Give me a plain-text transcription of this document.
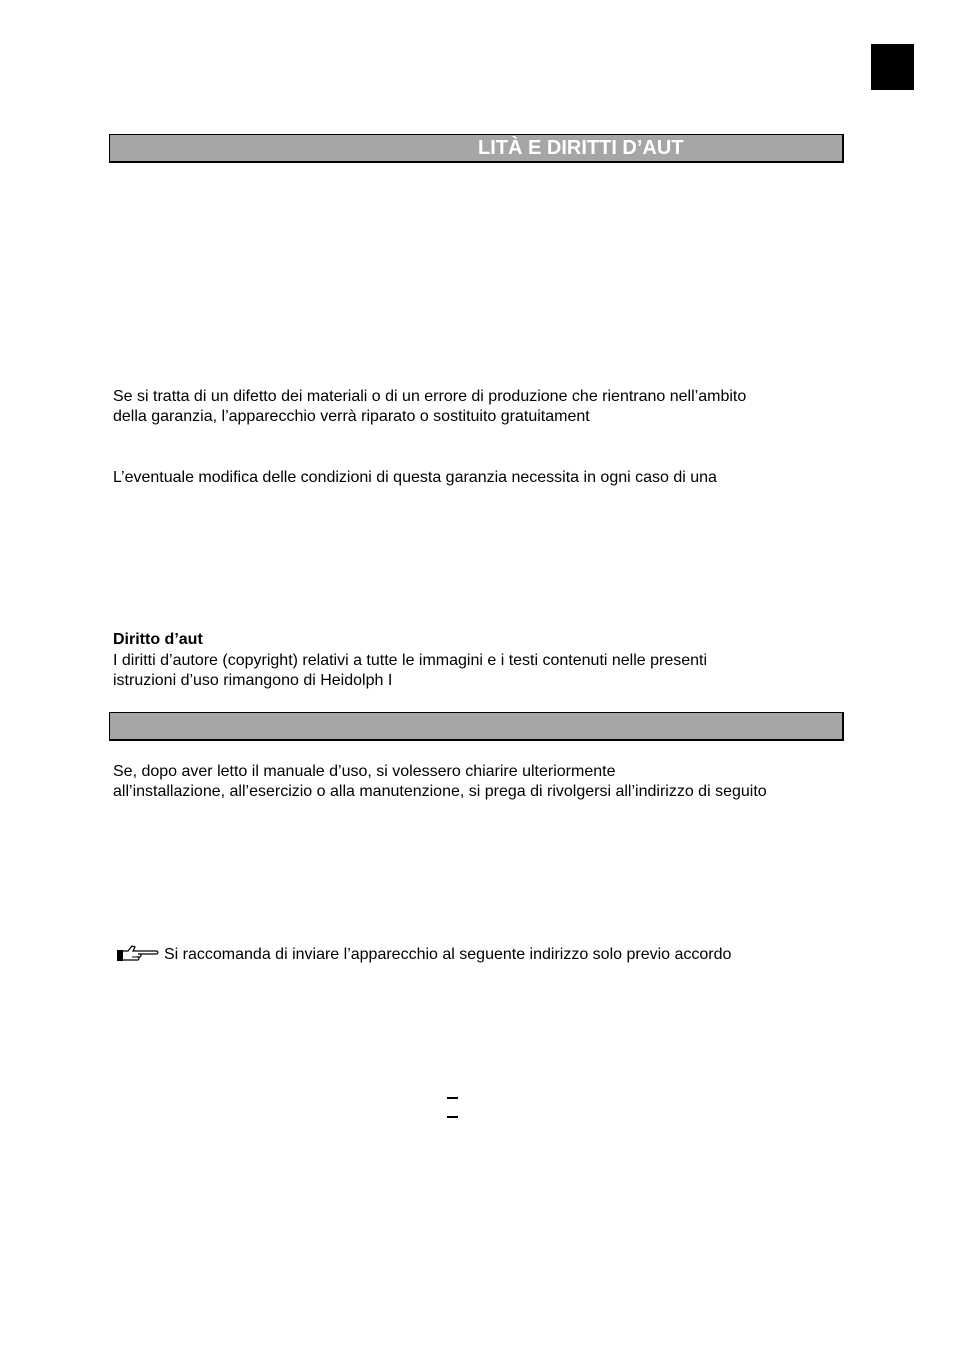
LITÀ E DIRITTI D’AUT

Se si tratta di un difetto dei materiali o di un errore di produzione che rientrano nell’ambito

della garanzia, l’apparecchio verrà riparato o sostituito gratuitament

L’eventuale modifica delle condizioni di questa garanzia necessita in ogni caso di una

Diritto d’aut

I diritti d’autore (copyright) relativi a tutte le immagini e i testi contenuti nelle presenti

istruzioni d’uso rimangono di Heidolph I

Se, dopo aver letto il manuale d’uso, si volessero chiarire ulteriormente

all’installazione, all’esercizio o alla manutenzione, si prega di rivolgersi all’indirizzo di seguito

Si raccomanda di inviare l’apparecchio al seguente indirizzo solo previo accordo
